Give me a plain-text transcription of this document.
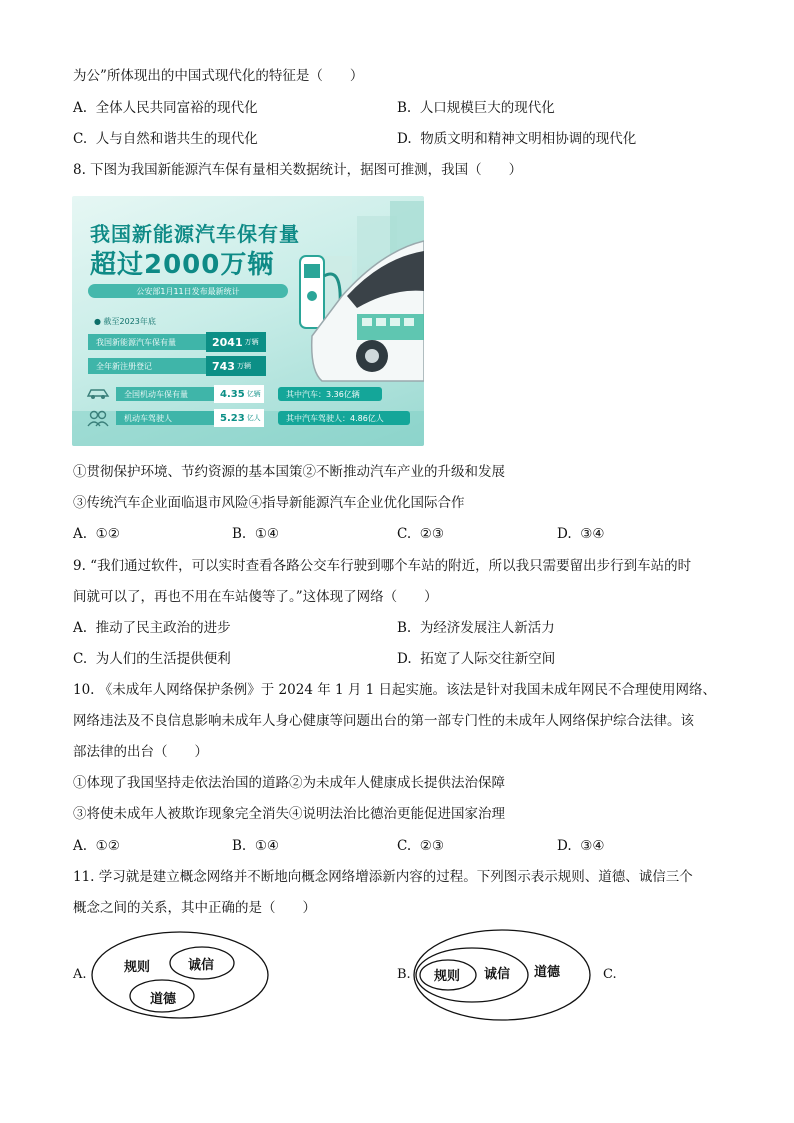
为公”所体现出的中国式现代化的特征是（　　）
A. 全体人民共同富裕的现代化	B. 人口规模巨大的现代化
C. 人与自然和谐共生的现代化	D. 物质文明和精神文明相协调的现代化
8. 下图为我国新能源汽车保有量相关数据统计，据图可推测，我国（　　）
我国新能源汽车保有量
超过2000万辆
公安部1月11日发布最新统计
● 截至2023年底
我国新能源汽车保有量	2041 万辆
全年新注册登记	743 万辆
全国机动车保有量	4.35 亿辆	其中汽车：3.36亿辆
机动车驾驶人	5.23 亿人	其中汽车驾驶人：4.86亿人
①贯彻保护环境、节约资源的基本国策②不断推动汽车产业的升级和发展
③传统汽车企业面临退市风险④指导新能源汽车企业优化国际合作
A. ①②	B. ①④	C. ②③	D. ③④
9. “我们通过软件，可以实时查看各路公交车行驶到哪个车站的附近，所以我只需要留出步行到车站的时
间就可以了，再也不用在车站傻等了。”这体现了网络（　　）
A. 推动了民主政治的进步	B. 为经济发展注人新活力
C. 为人们的生活提供便利	D. 拓宽了人际交往新空间
10. 《未成年人网络保护条例》于 2024 年 1 月 1 日起实施。该法是针对我国未成年网民不合理使用网络、
网络违法及不良信息影响未成年人身心健康等问题出台的第一部专门性的未成年人网络保护综合法律。该
部法律的出台（　　）
①体现了我国坚持走依法治国的道路②为未成年人健康成长提供法治保障
③将使未成年人被欺诈现象完全消失④说明法治比德治更能促进国家治理
A. ①②	B. ①④	C. ②③	D. ③④
11. 学习就是建立概念网络并不断地向概念网络增添新内容的过程。下列图示表示规则、道德、诚信三个
概念之间的关系，其中正确的是（　　）
A.	规则	诚信
道德
B. 规则 诚信 道德	C.
